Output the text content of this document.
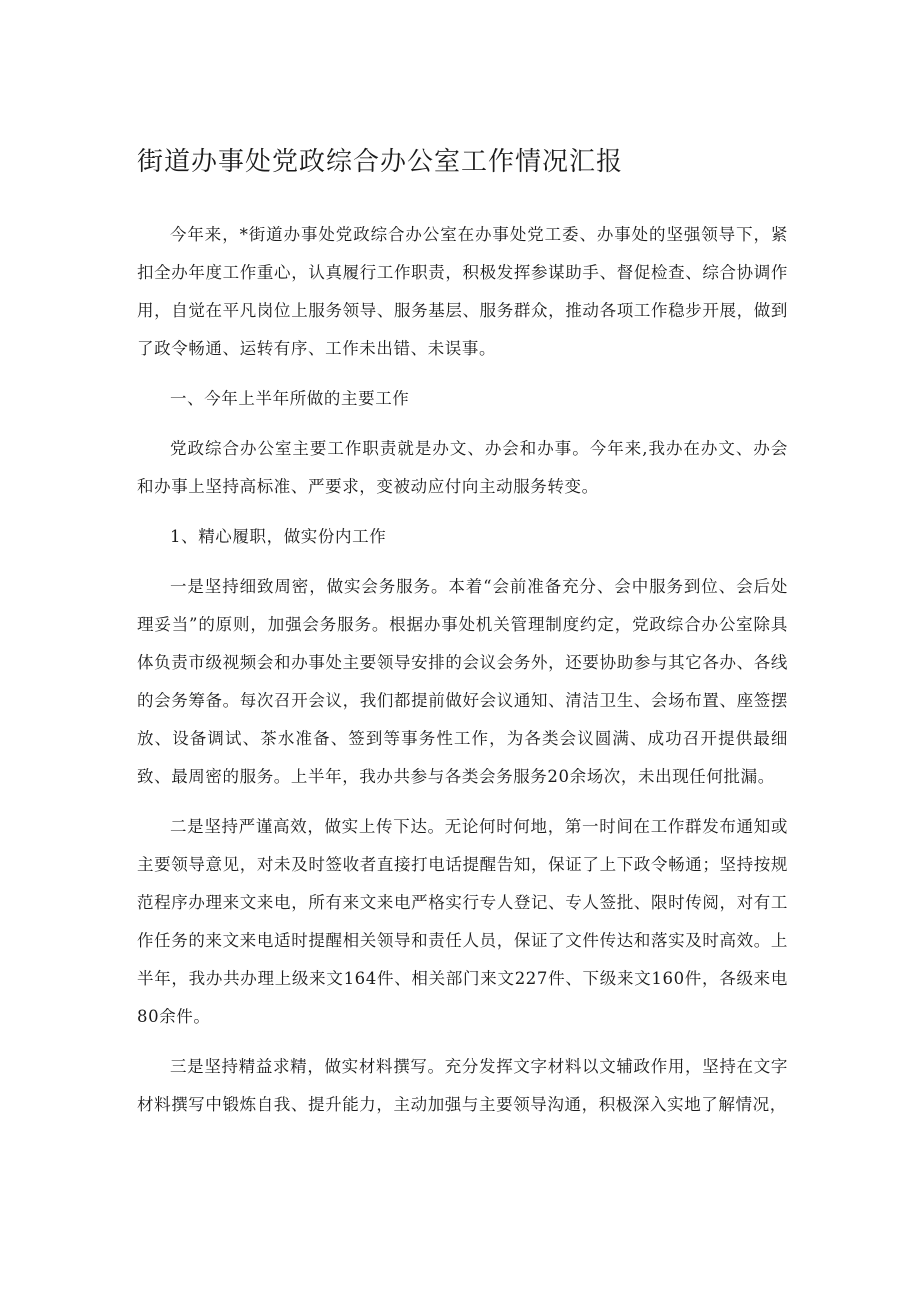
街道办事处党政综合办公室工作情况汇报

今年来，*街道办事处党政综合办公室在办事处党工委、办事处的坚强领导下，紧扣全办年度工作重心，认真履行工作职责，积极发挥参谋助手、督促检查、综合协调作用，自觉在平凡岗位上服务领导、服务基层、服务群众，推动各项工作稳步开展，做到了政令畅通、运转有序、工作未出错、未误事。

一、今年上半年所做的主要工作

党政综合办公室主要工作职责就是办文、办会和办事。今年来,我办在办文、办会和办事上坚持高标准、严要求，变被动应付向主动服务转变。

1、精心履职，做实份内工作

一是坚持细致周密，做实会务服务。本着“会前准备充分、会中服务到位、会后处理妥当”的原则，加强会务服务。根据办事处机关管理制度约定，党政综合办公室除具体负责市级视频会和办事处主要领导安排的会议会务外，还要协助参与其它各办、各线的会务筹备。每次召开会议，我们都提前做好会议通知、清洁卫生、会场布置、座签摆放、设备调试、茶水准备、签到等事务性工作，为各类会议圆满、成功召开提供最细致、最周密的服务。上半年，我办共参与各类会务服务20余场次，未出现任何批漏。

二是坚持严谨高效，做实上传下达。无论何时何地，第一时间在工作群发布通知或主要领导意见，对未及时签收者直接打电话提醒告知，保证了上下政令畅通；坚持按规范程序办理来文来电，所有来文来电严格实行专人登记、专人签批、限时传阅，对有工作任务的来文来电适时提醒相关领导和责任人员，保证了文件传达和落实及时高效。上半年，我办共办理上级来文164件、相关部门来文227件、下级来文160件，各级来电80余件。

三是坚持精益求精，做实材料撰写。充分发挥文字材料以文辅政作用，坚持在文字材料撰写中锻炼自我、提升能力，主动加强与主要领导沟通，积极深入实地了解情况，
